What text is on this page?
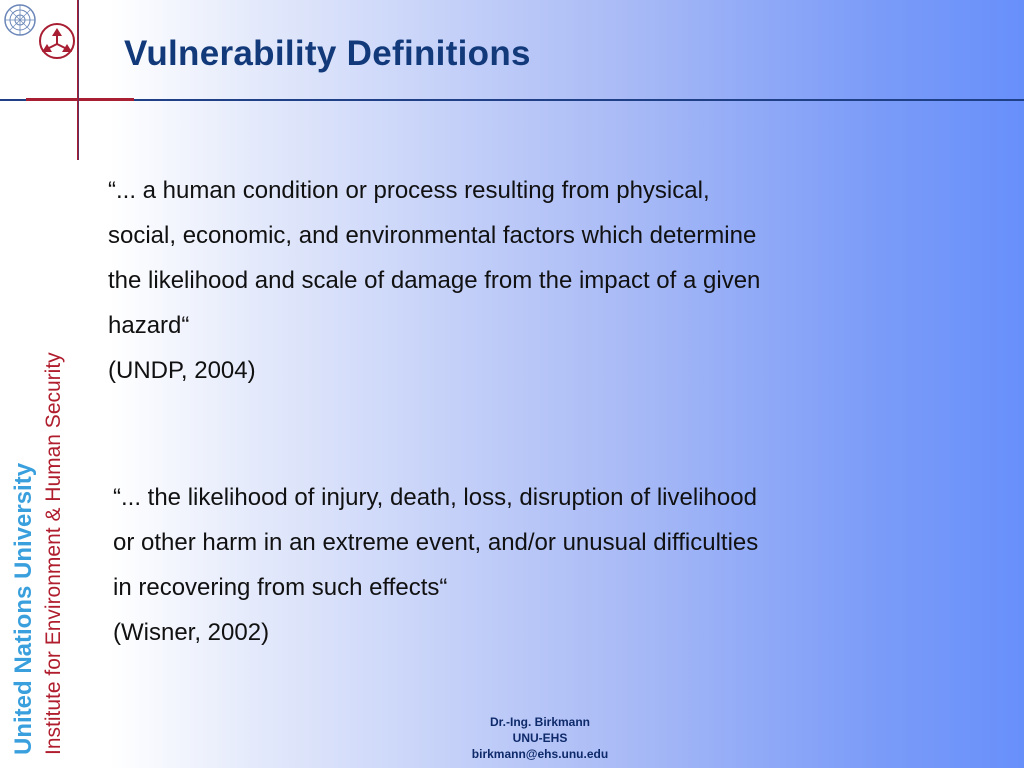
Vulnerability Definitions
United Nations University Institute for Environment & Human Security

“... a human condition or process resulting from physical,

social, economic, and environmental factors which determine

the likelihood and scale of damage from the impact of a given

hazard“

(UNDP, 2004)

“... the likelihood of injury, death, loss, disruption of livelihood

or other harm in an extreme event, and/or unusual difficulties

in recovering from such effects“

(Wisner, 2002)

Dr.-Ing. Birkmann
UNU-EHS
birkmann@ehs.unu.edu
